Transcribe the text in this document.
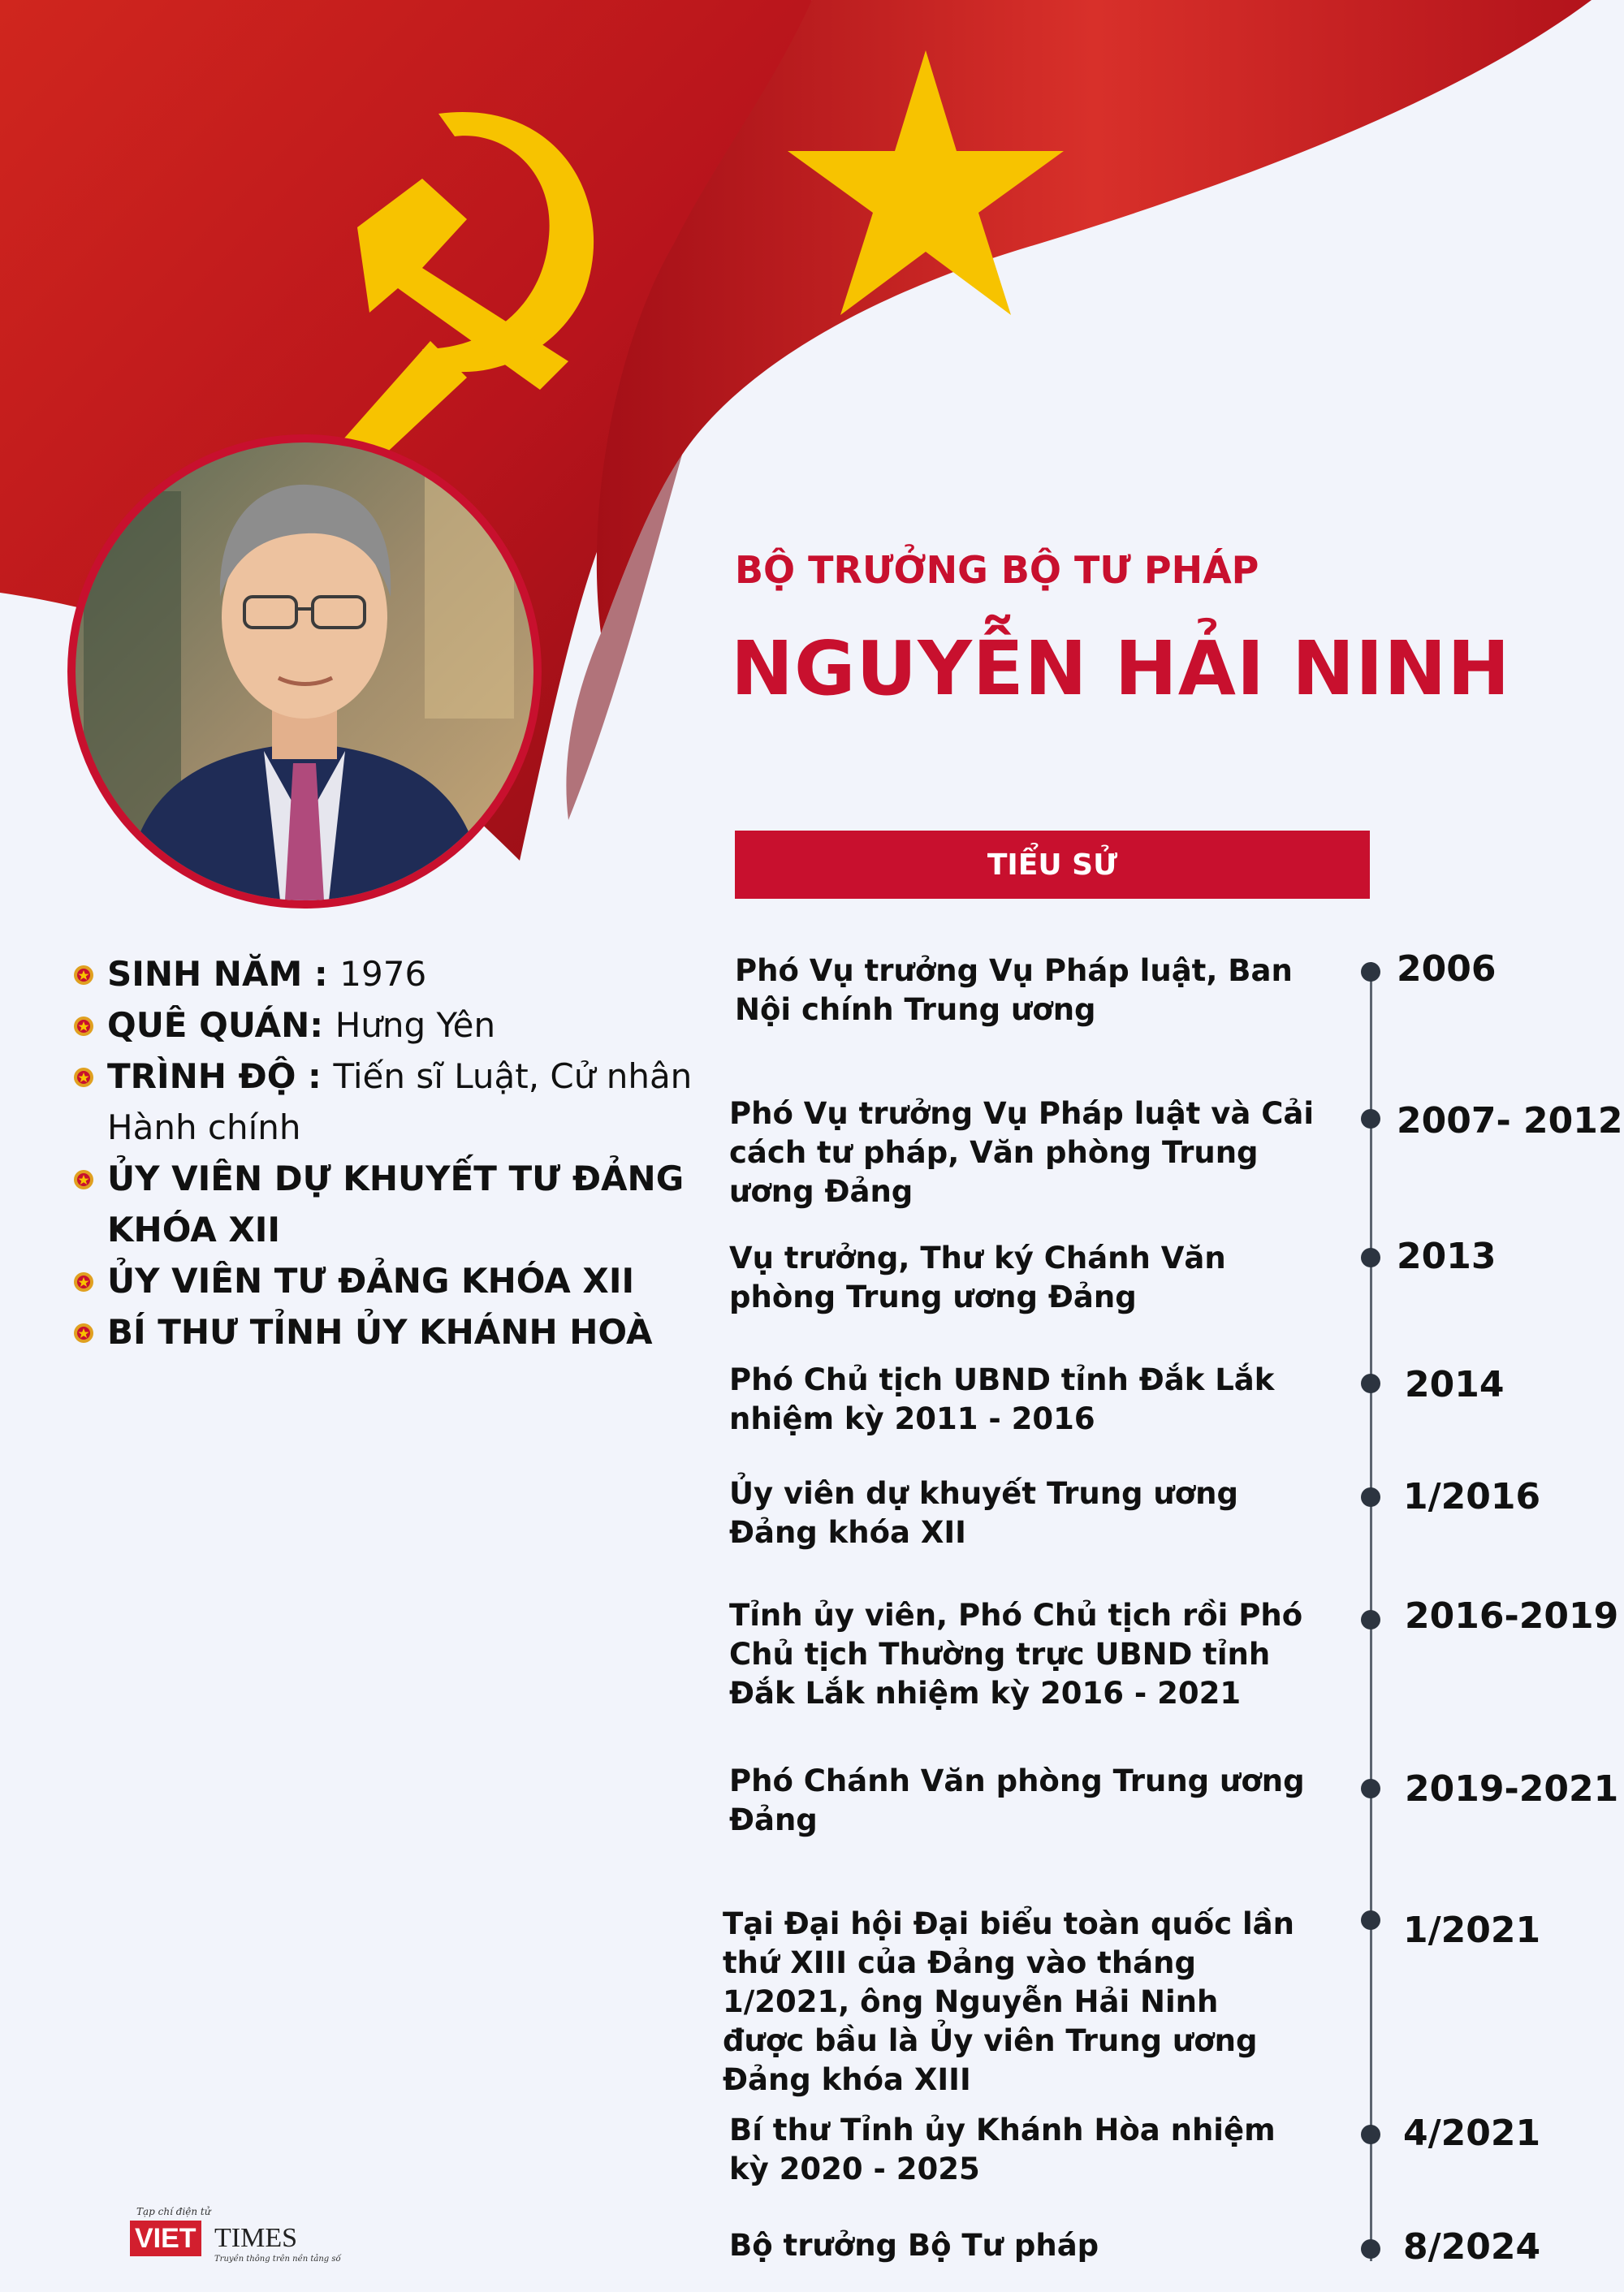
BỘ TRƯỞNG BỘ TƯ PHÁP
NGUYỄN HẢI NINH
TIỂU SỬ
SINH NĂM : 1976
QUÊ QUÁN: Hưng Yên
TRÌNH ĐỘ : Tiến sĩ Luật, Cử nhân Hành chính
ỦY VIÊN DỰ KHUYẾT TƯ ĐẢNG KHÓA XII
ỦY VIÊN TƯ ĐẢNG KHÓA XII
BÍ THƯ TỈNH ỦY KHÁNH HOÀ
Phó Vụ trưởng Vụ Pháp luật, Ban Nội chính Trung ương
2006
Phó Vụ trưởng Vụ Pháp luật và Cải cách tư pháp, Văn phòng Trung ương Đảng
2007- 2012
Vụ trưởng, Thư ký Chánh Văn phòng Trung ương Đảng
2013
Phó Chủ tịch UBND tỉnh Đắk Lắk nhiệm kỳ 2011 - 2016
2014
Ủy viên dự khuyết Trung ương Đảng khóa XII
1/2016
Tỉnh ủy viên, Phó Chủ tịch rồi Phó Chủ tịch Thường trực UBND tỉnh Đắk Lắk nhiệm kỳ 2016 - 2021
2016-2019
Phó Chánh Văn phòng Trung ương Đảng
2019-2021
Tại Đại hội Đại biểu toàn quốc lần thứ XIII của Đảng vào tháng 1/2021, ông Nguyễn Hải Ninh được bầu là Ủy viên Trung ương Đảng khóa XIII
1/2021
Bí thư Tỉnh ủy Khánh Hòa nhiệm kỳ 2020 - 2025
4/2021
Bộ trưởng Bộ Tư pháp	8/2024
Tạp chí điện tử
VIET TIMES
Truyền thông trên nền tảng số
